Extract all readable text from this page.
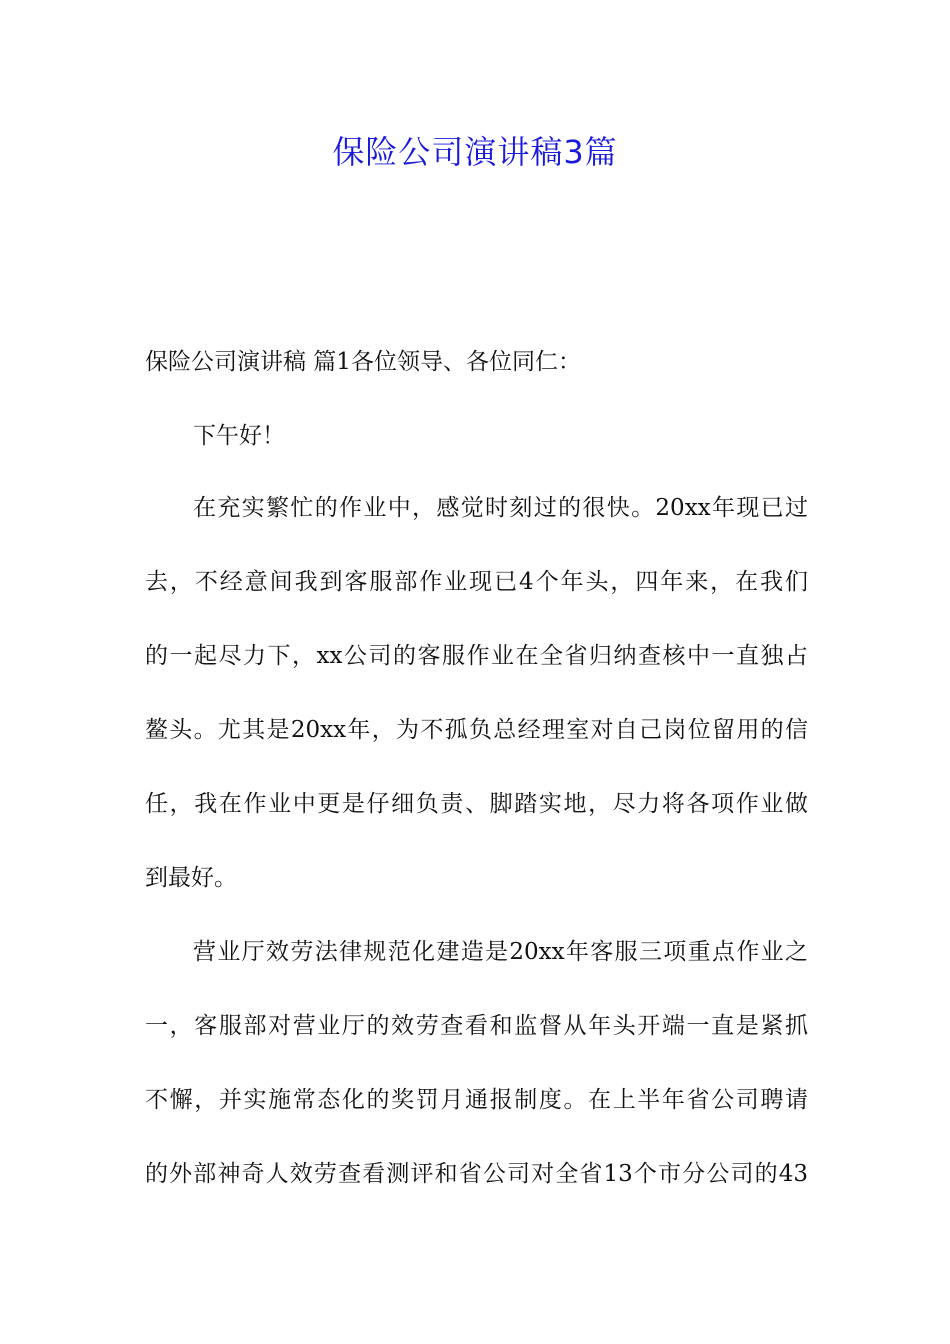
保险公司演讲稿3篇
保险公司演讲稿 篇1各位领导、各位同仁：
下午好！
在充实繁忙的作业中，感觉时刻过的很快。20xx年现已过
去，不经意间我到客服部作业现已4个年头，四年来，在我们
的一起尽力下，xx公司的客服作业在全省归纳查核中一直独占
鳌头。尤其是20xx年，为不孤负总经理室对自己岗位留用的信
任，我在作业中更是仔细负责、脚踏实地，尽力将各项作业做
到最好。
营业厅效劳法律规范化建造是20xx年客服三项重点作业之
一，客服部对营业厅的效劳查看和监督从年头开端一直是紧抓
不懈，并实施常态化的奖罚月通报制度。在上半年省公司聘请
的外部神奇人效劳查看测评和省公司对全省13个市分公司的43
